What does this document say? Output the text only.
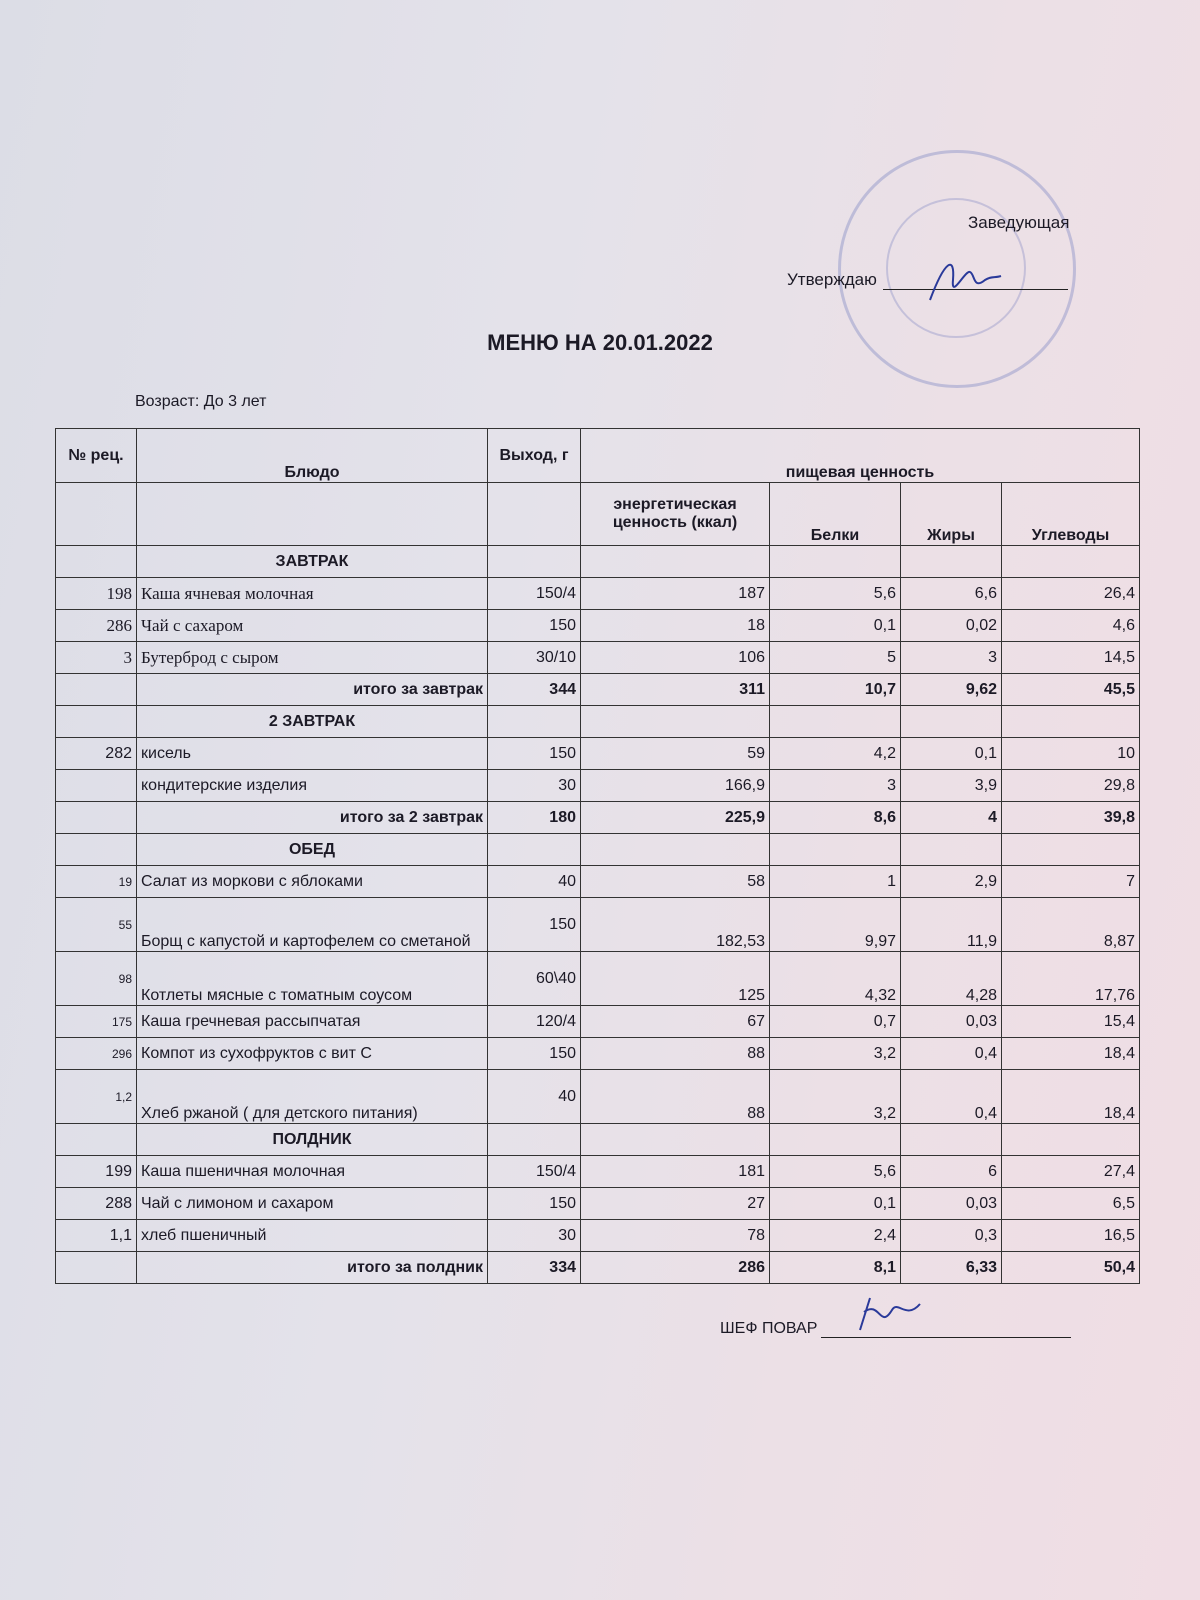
Заведующая
Утверждаю
МЕНЮ НА 20.01.2022
Возраст: До 3 лет
№ рец.	Блюдо	Выход, г	пищевая ценность			
			энергетическая ценность (ккал)	Белки	Жиры	Углеводы
	ЗАВТРАК					
198	Каша ячневая молочная	150/4	187	5,6	6,6	26,4
286	Чай с сахаром	150	18	0,1	0,02	4,6
3	Бутерброд с сыром	30/10	106	5	3	14,5
	итого за завтрак	344	311	10,7	9,62	45,5
	2 ЗАВТРАК					
282	кисель	150	59	4,2	0,1	10
	кондитерские изделия	30	166,9	3	3,9	29,8
	итого за 2 завтрак	180	225,9	8,6	4	39,8
	ОБЕД					
19	Салат из моркови с яблоками	40	58	1	2,9	7
55	Борщ с капустой и картофелем со сметаной	150	182,53	9,97	11,9	8,87
98	Котлеты мясные с томатным соусом	60\40	125	4,32	4,28	17,76
175	Каша гречневая рассыпчатая	120/4	67	0,7	0,03	15,4
296	Компот из сухофруктов с вит С	150	88	3,2	0,4	18,4
1,2	Хлеб ржаной ( для детского питания)	40	88	3,2	0,4	18,4
	ПОЛДНИК					
199	Каша пшеничная молочная	150/4	181	5,6	6	27,4
288	Чай с лимоном и сахаром	150	27	0,1	0,03	6,5
1,1	хлеб пшеничный	30	78	2,4	0,3	16,5
	итого за полдник	334	286	8,1	6,33	50,4
ШЕФ ПОВАР
